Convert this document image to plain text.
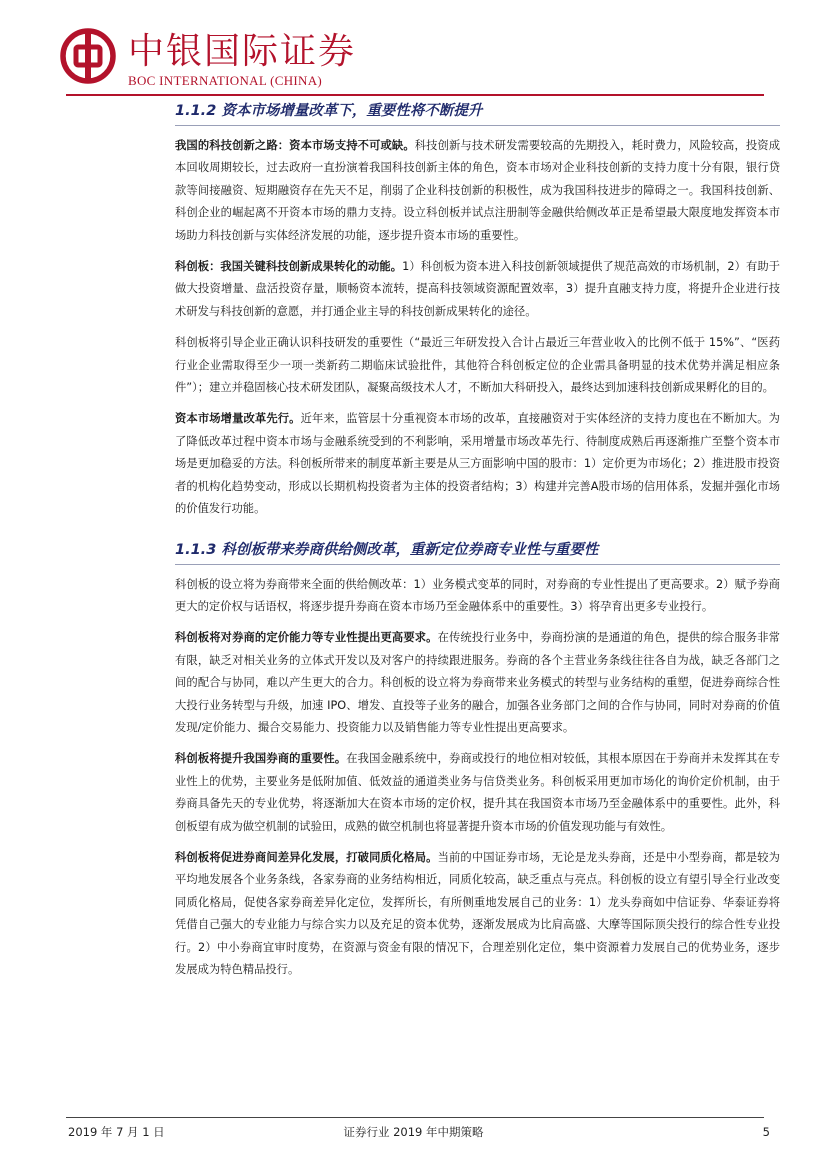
中银国际证券
BOC INTERNATIONAL (CHINA)
1.1.2 资本市场增量改革下，重要性将不断提升

我国的科技创新之路：资本市场支持不可或缺。科技创新与技术研发需要较高的先期投入，耗时费力，风险较高，投资成本回收周期较长，过去政府一直扮演着我国科技创新主体的角色，资本市场对企业科技创新的支持力度十分有限，银行贷款等间接融资、短期融资存在先天不足，削弱了企业科技创新的积极性，成为我国科技进步的障碍之一。我国科技创新、科创企业的崛起离不开资本市场的鼎力支持。设立科创板并试点注册制等金融供给侧改革正是希望最大限度地发挥资本市场助力科技创新与实体经济发展的功能，逐步提升资本市场的重要性。

科创板：我国关键科技创新成果转化的动能。1）科创板为资本进入科技创新领域提供了规范高效的市场机制，2）有助于做大投资增量、盘活投资存量，顺畅资本流转，提高科技领域资源配置效率，3）提升直融支持力度，将提升企业进行技术研发与科技创新的意愿，并打通企业主导的科技创新成果转化的途径。

科创板将引导企业正确认识科技研发的重要性（“最近三年研发投入合计占最近三年营业收入的比例不低于 15%”、“医药行业企业需取得至少一项一类新药二期临床试验批件，其他符合科创板定位的企业需具备明显的技术优势并满足相应条件”）；建立并稳固核心技术研发团队，凝聚高级技术人才，不断加大科研投入，最终达到加速科技创新成果孵化的目的。

资本市场增量改革先行。近年来，监管层十分重视资本市场的改革，直接融资对于实体经济的支持力度也在不断加大。为了降低改革过程中资本市场与金融系统受到的不利影响，采用增量市场改革先行、待制度成熟后再逐渐推广至整个资本市场是更加稳妥的方法。科创板所带来的制度革新主要是从三方面影响中国的股市：1）定价更为市场化；2）推进股市投资者的机构化趋势变动，形成以长期机构投资者为主体的投资者结构；3）构建并完善A股市场的信用体系，发掘并强化市场的价值发行功能。

1.1.3 科创板带来券商供给侧改革，重新定位券商专业性与重要性

科创板的设立将为券商带来全面的供给侧改革：1）业务模式变革的同时，对券商的专业性提出了更高要求。2）赋予券商更大的定价权与话语权，将逐步提升券商在资本市场乃至金融体系中的重要性。3）将孕育出更多专业投行。

科创板将对券商的定价能力等专业性提出更高要求。在传统投行业务中，券商扮演的是通道的角色，提供的综合服务非常有限，缺乏对相关业务的立体式开发以及对客户的持续跟进服务。券商的各个主营业务条线往往各自为战，缺乏各部门之间的配合与协同，难以产生更大的合力。科创板的设立将为券商带来业务模式的转型与业务结构的重塑，促进券商综合性大投行业务转型与升级，加速 IPO、增发、直投等子业务的融合，加强各业务部门之间的合作与协同，同时对券商的价值发现/定价能力、撮合交易能力、投资能力以及销售能力等专业性提出更高要求。

科创板将提升我国券商的重要性。在我国金融系统中，券商或投行的地位相对较低，其根本原因在于券商并未发挥其在专业性上的优势，主要业务是低附加值、低效益的通道类业务与信贷类业务。科创板采用更加市场化的询价定价机制，由于券商具备先天的专业优势，将逐渐加大在资本市场的定价权，提升其在我国资本市场乃至金融体系中的重要性。此外，科创板望有成为做空机制的试验田，成熟的做空机制也将显著提升资本市场的价值发现功能与有效性。

科创板将促进券商间差异化发展，打破同质化格局。当前的中国证券市场，无论是龙头券商，还是中小型券商，都是较为平均地发展各个业务条线，各家券商的业务结构相近，同质化较高，缺乏重点与亮点。科创板的设立有望引导全行业改变同质化格局，促使各家券商差异化定位，发挥所长，有所侧重地发展自己的业务：1）龙头券商如中信证券、华泰证券将凭借自己强大的专业能力与综合实力以及充足的资本优势，逐渐发展成为比肩高盛、大摩等国际顶尖投行的综合性专业投行。2）中小券商宜审时度势，在资源与资金有限的情况下，合理差别化定位，集中资源着力发展自己的优势业务，逐步发展成为特色精品投行。

2019 年 7 月 1 日	证券行业 2019 年中期策略	5
